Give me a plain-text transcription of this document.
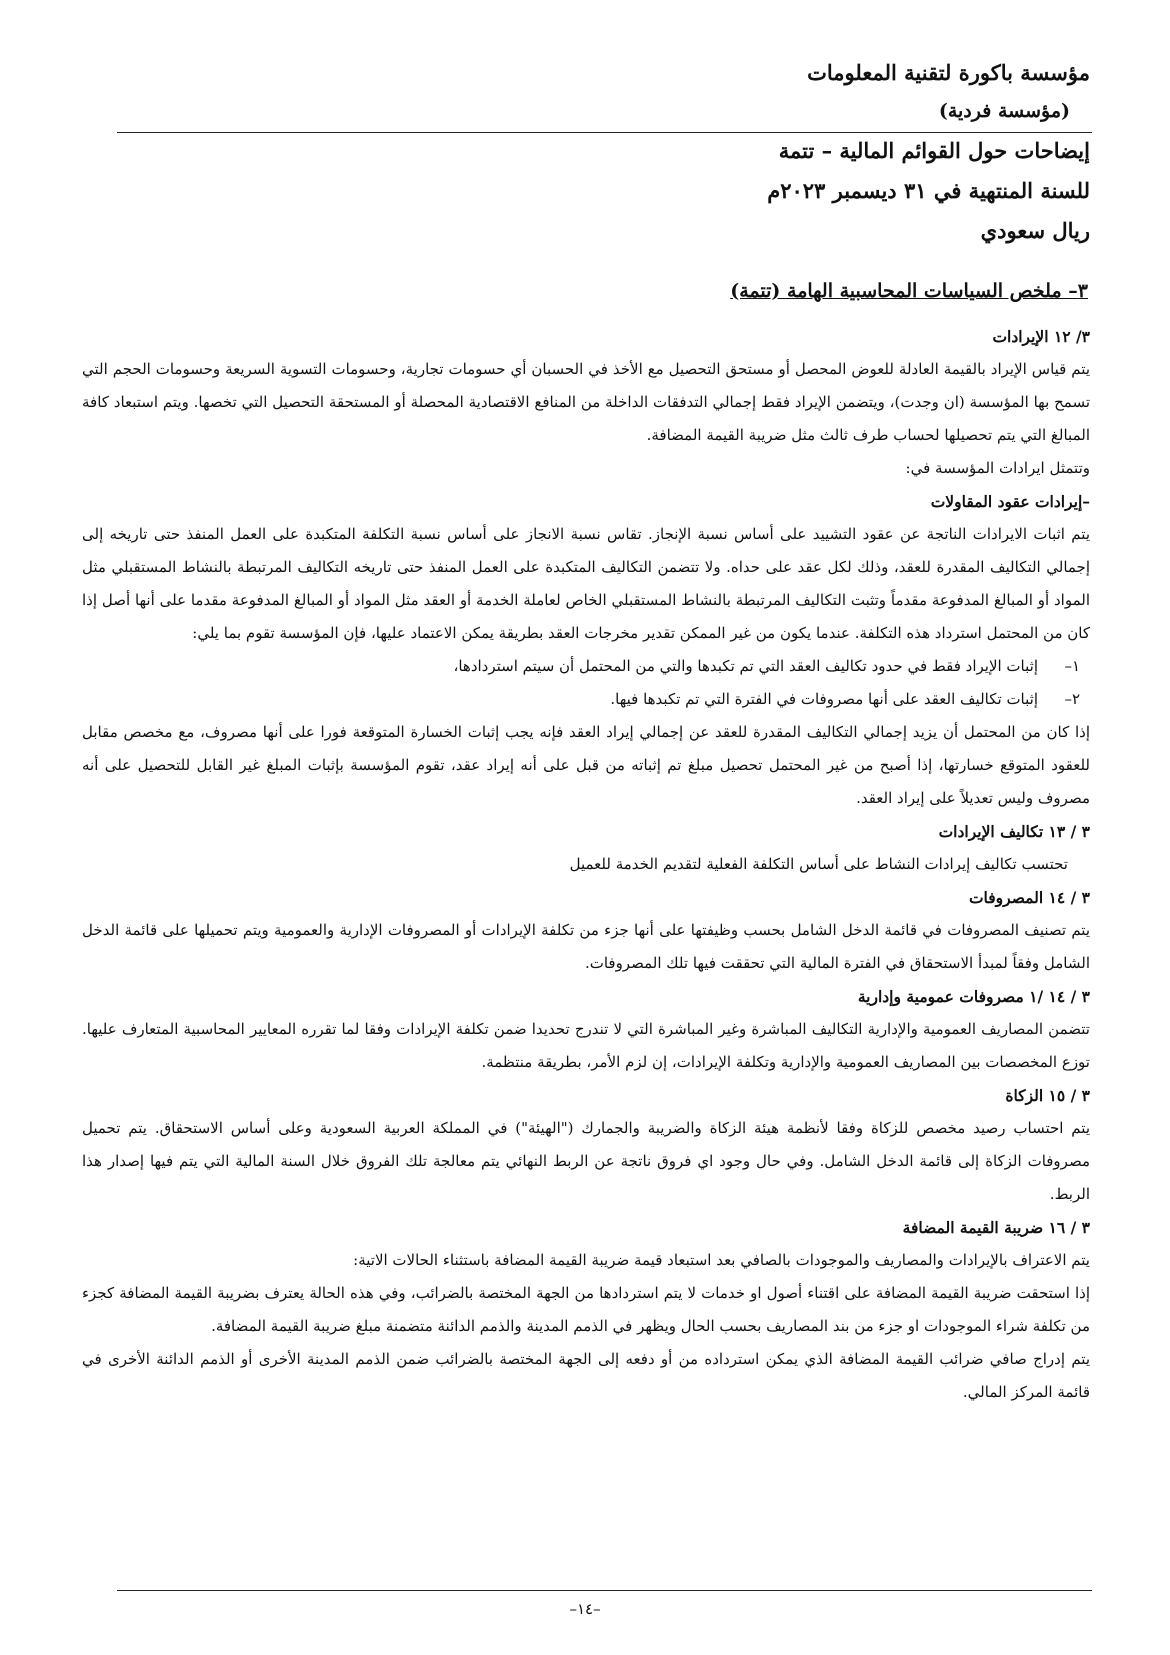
مؤسسة باكورة لتقنية المعلومات
(مؤسسة فردية)
إيضاحات حول القوائم المالية – تتمة
للسنة المنتهية في ٣١ ديسمبر ٢٠٢٣م
ريال سعودي
٣– ملخص السياسات المحاسبية الهامة (تتمة)
٣/ ١٢ الإيرادات

يتم قياس الإيراد بالقيمة العادلة للعوض المحصل أو مستحق التحصيل مع الأخذ في الحسبان أي حسومات تجارية، وحسومات التسوية السريعة وحسومات الحجم التي تسمح بها المؤسسة (ان وجدت)، ويتضمن الإيراد فقط إجمالي التدفقات الداخلة من المنافع الاقتصادية المحصلة أو المستحقة التحصيل التي تخصها. ويتم استبعاد كافة المبالغ التي يتم تحصيلها لحساب طرف ثالث مثل ضريبة القيمة المضافة.

وتتمثل ايرادات المؤسسة في:

–إيرادات عقود المقاولات

يتم اثبات الايرادات الناتجة عن عقود التشييد على أساس نسبة الإنجاز. تقاس نسبة الانجاز على أساس نسبة التكلفة المتكبدة على العمل المنفذ حتى تاريخه إلى إجمالي التكاليف المقدرة للعقد، وذلك لكل عقد على حداه. ولا تتضمن التكاليف المتكبدة على العمل المنفذ حتى تاريخه التكاليف المرتبطة بالنشاط المستقبلي مثل المواد أو المبالغ المدفوعة مقدماً وتثبت التكاليف المرتبطة بالنشاط المستقبلي الخاص لعاملة الخدمة أو العقد مثل المواد أو المبالغ المدفوعة مقدما على أنها أصل إذا كان من المحتمل استرداد هذه التكلفة. عندما يكون من غير الممكن تقدير مخرجات العقد بطريقة يمكن الاعتماد عليها، فإن المؤسسة تقوم بما يلي:

١–
إثبات الإيراد فقط في حدود تكاليف العقد التي تم تكبدها والتي من المحتمل أن سيتم استردادها،
٢–
إثبات تكاليف العقد على أنها مصروفات في الفترة التي تم تكبدها فيها.

إذا كان من المحتمل أن يزيد إجمالي التكاليف المقدرة للعقد عن إجمالي إيراد العقد فإنه يجب إثبات الخسارة المتوقعة فورا على أنها مصروف، مع مخصص مقابل للعقود المتوقع خسارتها، إذا أصبح من غير المحتمل تحصيل مبلغ تم إثباته من قبل على أنه إيراد عقد، تقوم المؤسسة بإثبات المبلغ غير القابل للتحصيل على أنه مصروف وليس تعديلاً على إيراد العقد.

٣ / ١٣ تكاليف الإيرادات

تحتسب تكاليف إيرادات النشاط على أساس التكلفة الفعلية لتقديم الخدمة للعميل

٣ / ١٤ المصروفات

يتم تصنيف المصروفات في قائمة الدخل الشامل بحسب وظيفتها على أنها جزء من تكلفة الإيرادات أو المصروفات الإدارية والعمومية ويتم تحميلها على قائمة الدخل الشامل وفقاً لمبدأ الاستحقاق في الفترة المالية التي تحققت فيها تلك المصروفات.

٣ / ١٤ /١ مصروفات عمومية وإدارية

تتضمن المصاريف العمومية والإدارية التكاليف المباشرة وغير المباشرة التي لا تندرج تحديدا ضمن تكلفة الإيرادات وفقا لما تقرره المعايير المحاسبية المتعارف عليها. توزع المخصصات بين المصاريف العمومية والإدارية وتكلفة الإيرادات، إن لزم الأمر، بطريقة منتظمة.

٣ / ١٥ الزكاة

يتم احتساب رصيد مخصص للزكاة وفقا لأنظمة هيئة الزكاة والضريبة والجمارك ("الهيئة") في المملكة العربية السعودية وعلى أساس الاستحقاق. يتم تحميل مصروفات الزكاة إلى قائمة الدخل الشامل. وفي حال وجود اي فروق ناتجة عن الربط النهائي يتم معالجة تلك الفروق خلال السنة المالية التي يتم فيها إصدار هذا الربط.

٣ / ١٦ ضريبة القيمة المضافة

يتم الاعتراف بالإيرادات والمصاريف والموجودات بالصافي بعد استبعاد قيمة ضريبة القيمة المضافة باستثناء الحالات الاتية:

إذا استحقت ضريبة القيمة المضافة على اقتناء أصول او خدمات لا يتم استردادها من الجهة المختصة بالضرائب، وفي هذه الحالة يعترف بضريبة القيمة المضافة كجزء من تكلفة شراء الموجودات او جزء من بند المصاريف بحسب الحال ويظهر في الذمم المدينة والذمم الدائنة متضمنة مبلغ ضريبة القيمة المضافة.

يتم إدراج صافي ضرائب القيمة المضافة الذي يمكن استرداده من أو دفعه إلى الجهة المختصة بالضرائب ضمن الذمم المدينة الأخرى أو الذمم الدائنة الأخرى في قائمة المركز المالي.

–١٤–
